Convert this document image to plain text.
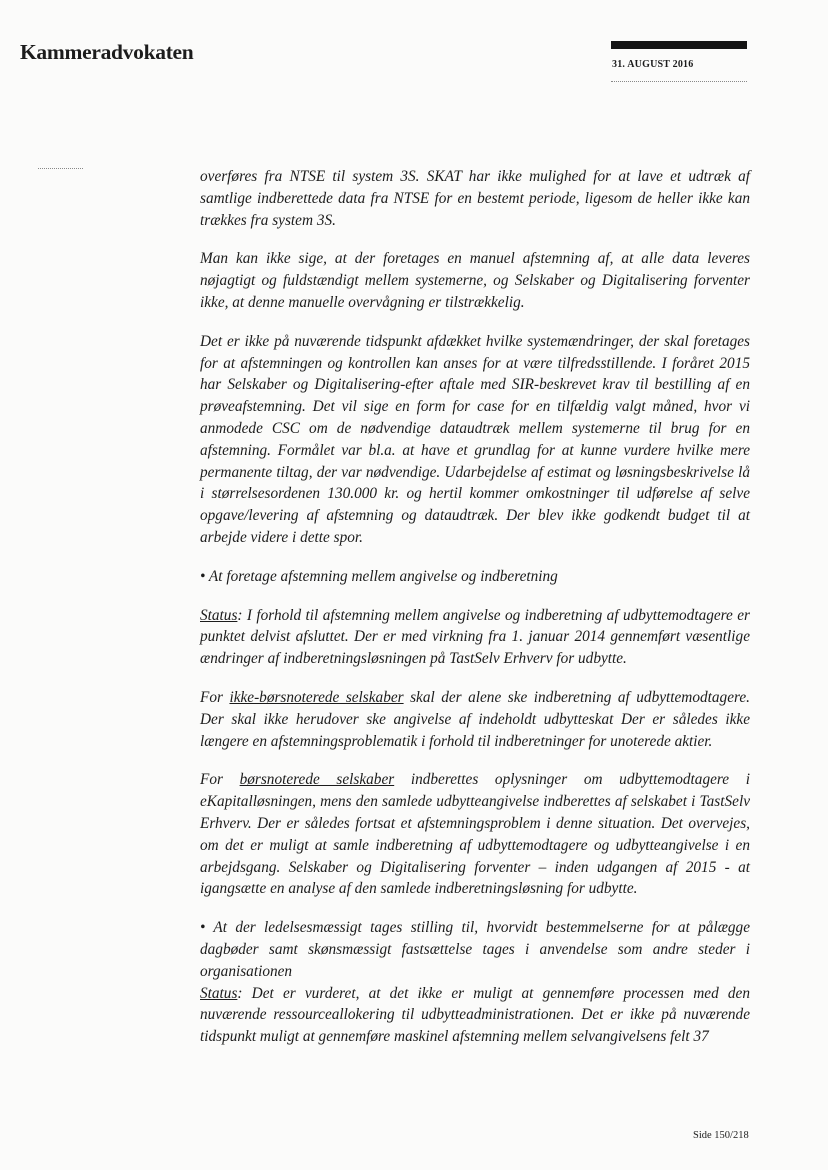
Kammeradvokaten
31. AUGUST 2016

overføres fra NTSE til system 3S. SKAT har ikke mulighed for at lave et udtræk af samtlige indberettede data fra NTSE for en bestemt periode, ligesom de heller ikke kan trækkes fra system 3S.

Man kan ikke sige, at der foretages en manuel afstemning af, at alle data leveres nøjagtigt og fuldstændigt mellem systemerne, og Selskaber og Digitalisering forventer ikke, at denne manuelle overvågning er tilstrækkelig.

Det er ikke på nuværende tidspunkt afdækket hvilke systemændringer, der skal foretages for at afstemningen og kontrollen kan anses for at være tilfredsstillende. I foråret 2015 har Selskaber og Digitalisering-efter aftale med SIR-beskrevet krav til bestilling af en prøveafstemning. Det vil sige en form for case for en tilfældig valgt måned, hvor vi anmodede CSC om de nødvendige dataudtræk mellem systemerne til brug for en afstemning. Formålet var bl.a. at have et grundlag for at kunne vurdere hvilke mere permanente tiltag, der var nødvendige. Udarbejdelse af estimat og løsningsbeskrivelse lå i størrelsesordenen 130.000 kr. og hertil kommer omkostninger til udførelse af selve opgave/levering af afstemning og dataudtræk. Der blev ikke godkendt budget til at arbejde videre i dette spor.

• At foretage afstemning mellem angivelse og indberetning

Status: I forhold til afstemning mellem angivelse og indberetning af udbyttemodtagere er punktet delvist afsluttet. Der er med virkning fra 1. januar 2014 gennemført væsentlige ændringer af indberetningsløsningen på TastSelv Erhverv for udbytte.

For ikke-børsnoterede selskaber skal der alene ske indberetning af udbyttemodtagere. Der skal ikke herudover ske angivelse af indeholdt udbytteskat Der er således ikke længere en afstemningsproblematik i forhold til indberetninger for unoterede aktier.

For børsnoterede selskaber indberettes oplysninger om udbyttemodtagere i eKapitalløsningen, mens den samlede udbytteangivelse indberettes af selskabet i TastSelv Erhverv. Der er således fortsat et afstemningsproblem i denne situation. Det overvejes, om det er muligt at samle indberetning af udbyttemodtagere og udbytteangivelse i en arbejdsgang. Selskaber og Digitalisering forventer – inden udgangen af 2015 - at igangsætte en analyse af den samlede indberetningsløsning for udbytte.

• At der ledelsesmæssigt tages stilling til, hvorvidt bestemmelserne for at pålægge dagbøder samt skønsmæssigt fastsættelse tages i anvendelse som andre steder i organisationen

Status: Det er vurderet, at det ikke er muligt at gennemføre processen med den nuværende ressourceallokering til udbytteadministrationen. Det er ikke på nuværende tidspunkt muligt at gennemføre maskinel afstemning mellem selvangivelsens felt 37

Side 150/218
